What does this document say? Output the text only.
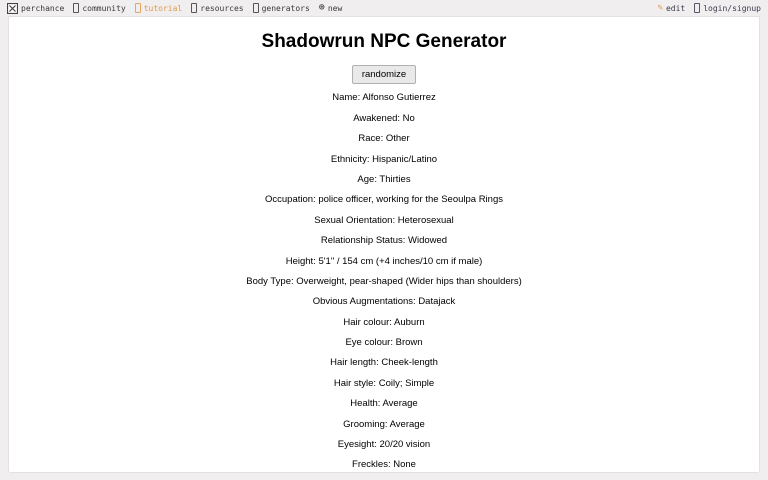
perchance community tutorial resources generators ⊕ new	✎ edit login/signup
Shadowrun NPC Generator
randomize

Name: Alfonso Gutierrez

Awakened: No

Race: Other

Ethnicity: Hispanic/Latino

Age: Thirties

Occupation: police officer, working for the Seoulpa Rings

Sexual Orientation: Heterosexual

Relationship Status: Widowed

Height: 5'1" / 154 cm (+4 inches/10 cm if male)

Body Type: Overweight, pear-shaped (Wider hips than shoulders)

Obvious Augmentations: Datajack

Hair colour: Auburn

Eye colour: Brown

Hair length: Cheek-length

Hair style: Coily; Simple

Health: Average

Grooming: Average

Eyesight: 20/20 vision

Freckles: None
